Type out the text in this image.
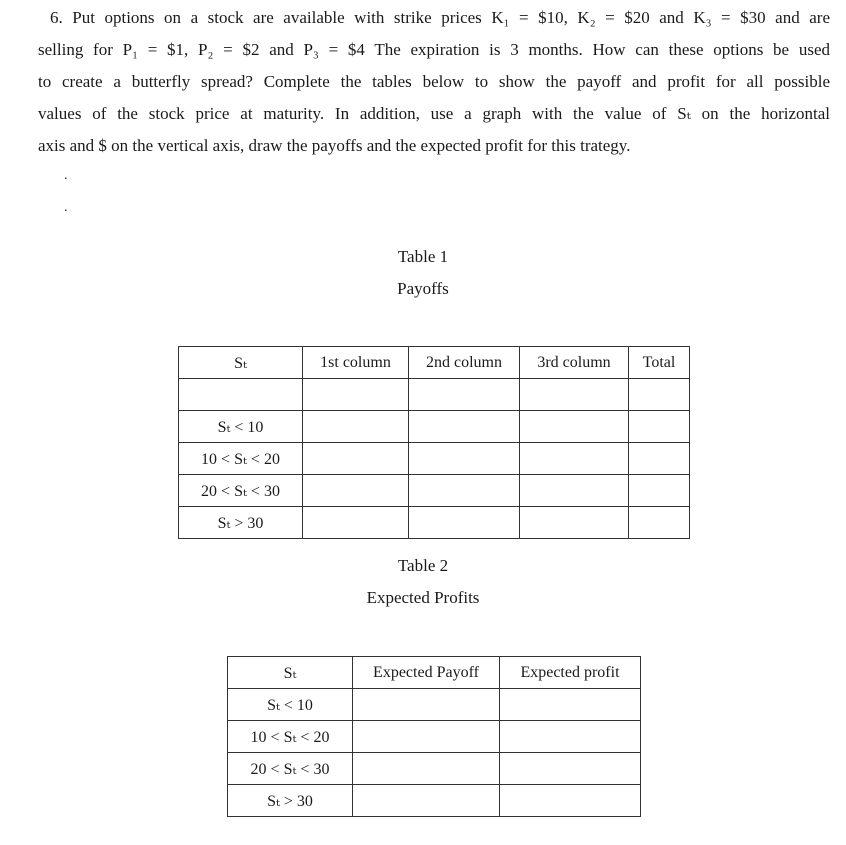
6. Put options on a stock are available with strike prices K₁ = $10, K₂ = $20 and K₃ = $30 and are
selling for P₁ = $1, P₂ = $2 and P₃ = $4 The expiration is 3 months. How can these options be used
to create a butterfly spread? Complete the tables below to show the payoff and profit for all possible
values of the stock price at maturity. In addition, use a graph with the value of Sₜ on the horizontal
axis and $ on the vertical axis, draw the payoffs and the expected profit for this trategy.
.
.
Table 1
Payoffs
Sₜ	1st column	2nd column	3rd column	Total

Sₜ < 10				
10 < Sₜ < 20				
20 < Sₜ < 30				
Sₜ > 30				
Table 2
Expected Profits
Sₜ	Expected Payoff	Expected profit
Sₜ < 10		
10 < Sₜ < 20		
20 < Sₜ < 30		
Sₜ > 30		
